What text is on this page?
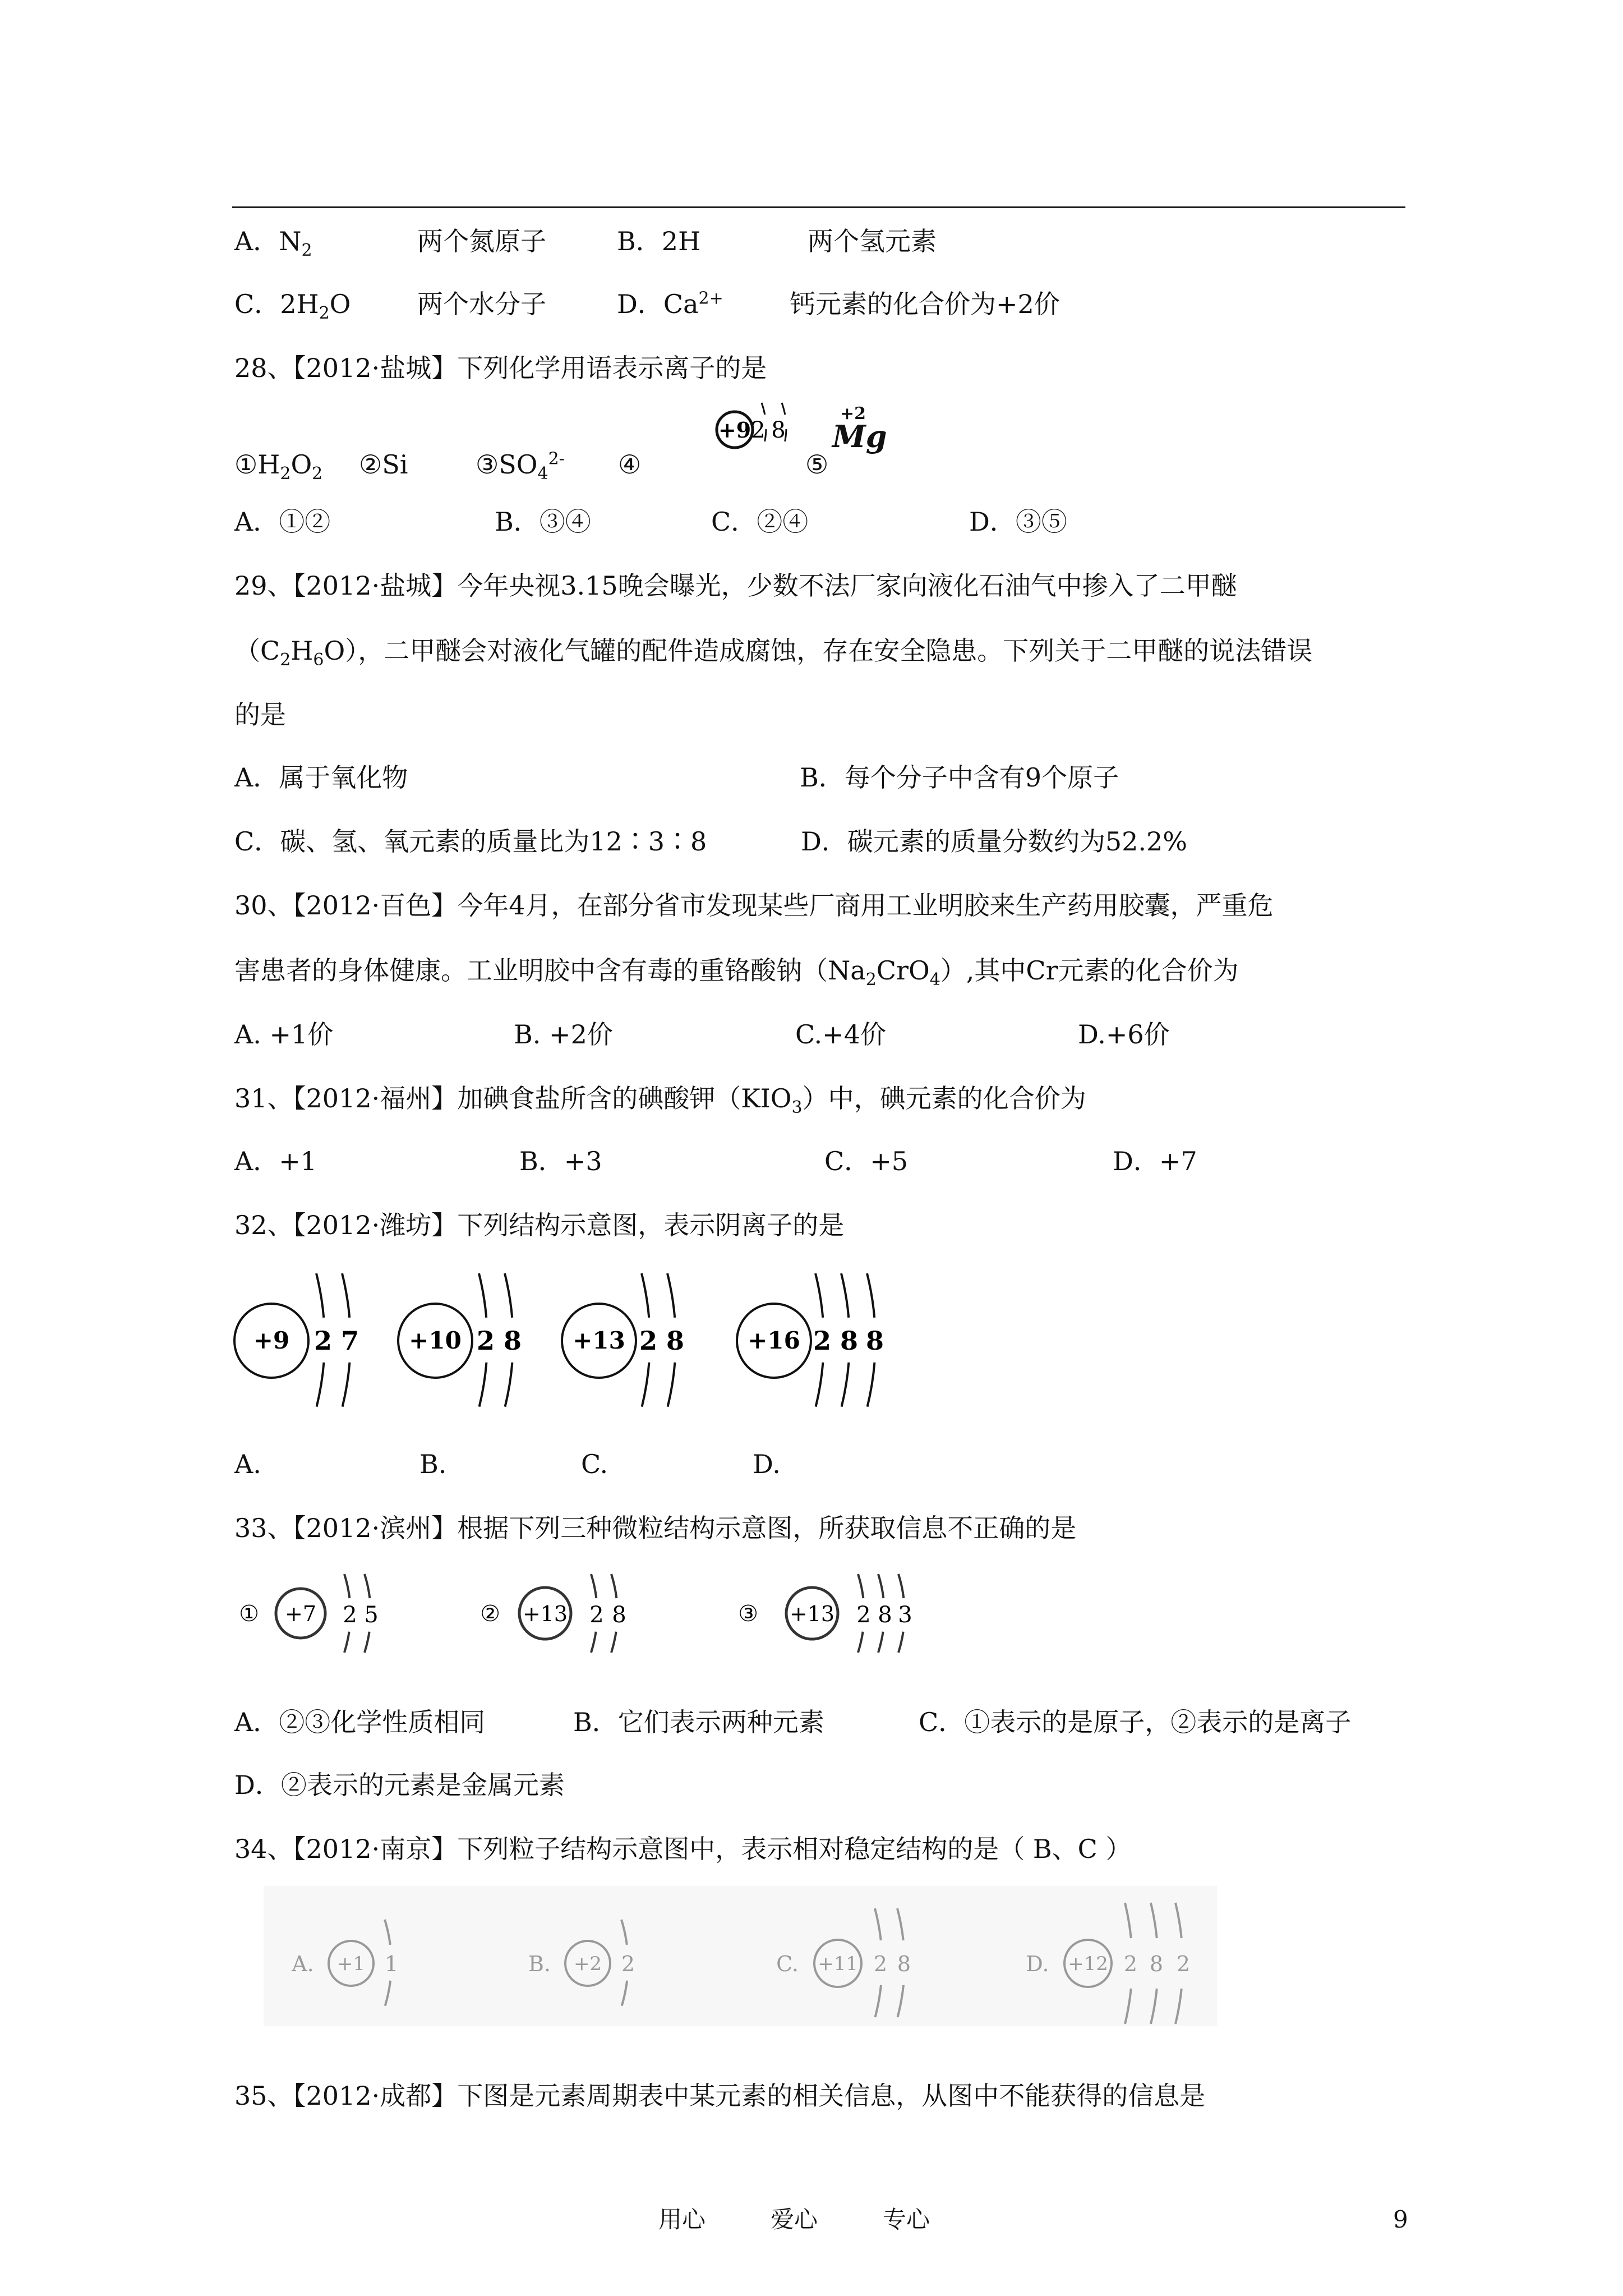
A．$N_2$	两个氮原子	B．2H	两个氢元素
C．$2H_2O$	两个水分子	D．$Ca^{2+}$	钙元素的化合价为+2价
28、【2012·盐城】下列化学用语表示离子的是
+9 2 8
+2
Mg
$①H_2O_2$ ②Si	$③SO_4^{2-}$ ④	⑤
A．①②	B．③④	C．②④	D．③⑤
29、【2012·盐城】今年央视3.15晚会曝光，少数不法厂家向液化石油气中掺入了二甲醚
$(C_2H_6O)$，二甲醚会对液化气罐的配件造成腐蚀，存在安全隐患。下列关于二甲醚的说法错误
的是
A．属于氧化物	B．每个分子中含有9个原子
C．碳、氢、氧元素的质量比为12∶3∶8	D．碳元素的质量分数约为52.2%
30、【2012·百色】今年4月，在部分省市发现某些厂商用工业明胶来生产药用胶囊，严重危
害患者的身体健康。工业明胶中含有毒的重铬酸钠$(Na_2CrO_4)$,其中Cr元素的化合价为
A. +1价	B. +2价	C.+4价	D.+6价
31、【2012·福州】加碘食盐所含的碘酸钾$(KIO_3)$中，碘元素的化合价为
A．+1	B．+3	C．+5	D．+7
32、【2012·潍坊】下列结构示意图，表示阴离子的是
+9 2 7 +10 2 8 +13 2 8	+16 2 8 8
A.	B.	C.	D.
33、【2012·滨州】根据下列三种微粒结构示意图，所获取信息不正确的是
① +7 2 5	② +13 2 8	③ +13 2 8 3
A．②③化学性质相同	B．它们表示两种元素	C．①表示的是原子，②表示的是离子
D．②表示的元素是金属元素
34、【2012·南京】下列粒子结构示意图中，表示相对稳定结构的是（ B、C ）
A. +1 1	B. +2 2	C. +11 2 8	D. +12 2 8 2
35、【2012·成都】下图是元素周期表中某元素的相关信息，从图中不能获得的信息是
用心	爱心	专心	9
